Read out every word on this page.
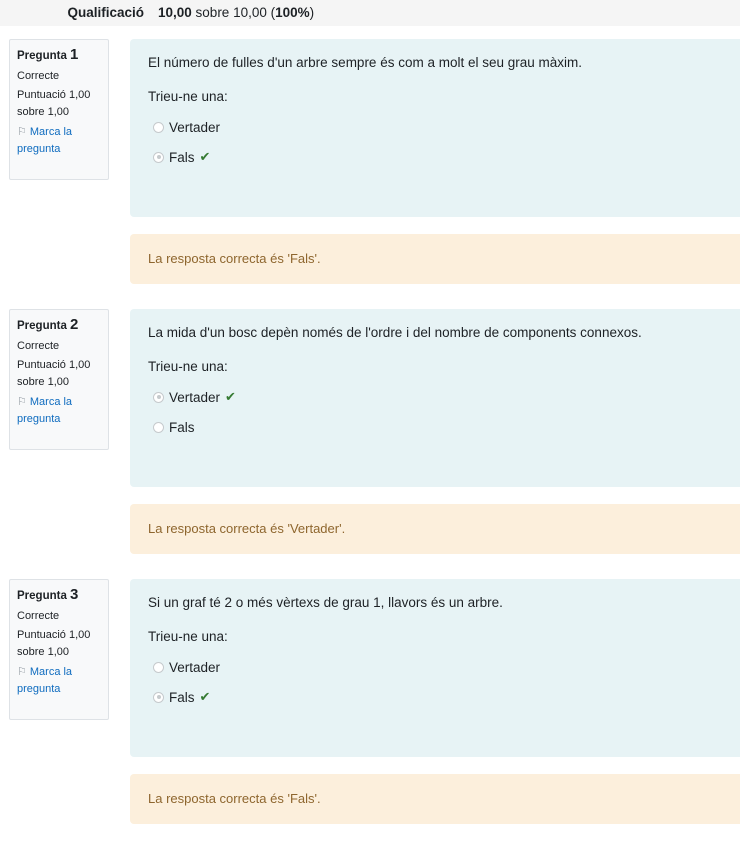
Qualificació 10,00 sobre 10,00 (100%)
Pregunta 1
Correcte
Puntuació 1,00 sobre 1,00
⚐ Marca la pregunta
El número de fulles d'un arbre sempre és com a molt el seu grau màxim.
Trieu-ne una:
Vertader
Fals ✔
La resposta correcta és 'Fals'.
Pregunta 2
Correcte
Puntuació 1,00 sobre 1,00
⚐ Marca la pregunta
La mida d'un bosc depèn només de l'ordre i del nombre de components connexos.
Trieu-ne una:
Vertader ✔
Fals
La resposta correcta és 'Vertader'.
Pregunta 3
Correcte
Puntuació 1,00 sobre 1,00
⚐ Marca la pregunta
Si un graf té 2 o més vèrtexs de grau 1, llavors és un arbre.
Trieu-ne una:
Vertader
Fals ✔
La resposta correcta és 'Fals'.
